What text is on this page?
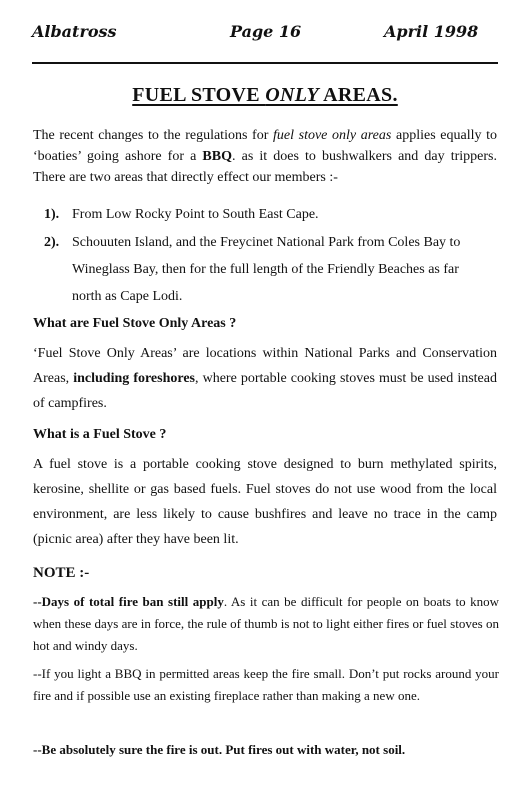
Albatross	Page 16	April 1998
FUEL STOVE ONLY AREAS.
The recent changes to the regulations for fuel stove only areas applies equally to ‘boaties’ going ashore for a BBQ. as it does to bushwalkers and day trippers. There are two areas that directly effect our members :-
1). From Low Rocky Point to South East Cape.
2). Schouuten Island, and the Freycinet National Park from Coles Bay to
Wineglass Bay, then for the full length of the Friendly Beaches as far
north as Cape Lodi.
What are Fuel Stove Only Areas ?
‘Fuel Stove Only Areas’ are locations within National Parks and Conservation Areas, including foreshores, where portable cooking stoves must be used instead of campfires.
What is a Fuel Stove ?
A fuel stove is a portable cooking stove designed to burn methylated spirits, kerosine, shellite or gas based fuels. Fuel stoves do not use wood from the local environment, are less likely to cause bushfires and leave no trace in the camp (picnic area) after they have been lit.
NOTE :-
--Days of total fire ban still apply. As it can be difficult for people on boats to know when these days are in force, the rule of thumb is not to light either fires or fuel stoves on hot and windy days.
--If you light a BBQ in permitted areas keep the fire small. Don’t put rocks around your fire and if possible use an existing fireplace rather than making a new one.
--Be absolutely sure the fire is out. Put fires out with water, not soil.
